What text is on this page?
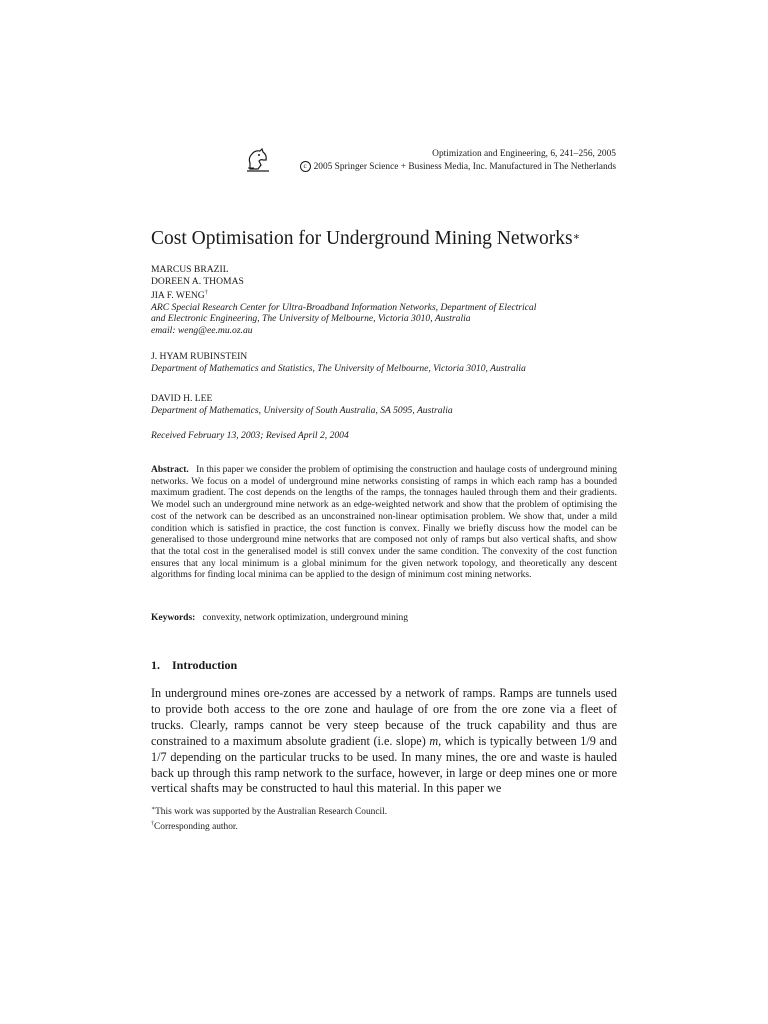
Optimization and Engineering, 6, 241–256, 2005
c 2005 Springer Science + Business Media, Inc. Manufactured in The Netherlands
Cost Optimisation for Underground Mining Networks∗
MARCUS BRAZIL
DOREEN A. THOMAS
JIA F. WENG†
ARC Special Research Center for Ultra-Broadband Information Networks, Department of Electrical
and Electronic Engineering, The University of Melbourne, Victoria 3010, Australia
email: weng@ee.mu.oz.au
J. HYAM RUBINSTEIN
Department of Mathematics and Statistics, The University of Melbourne, Victoria 3010, Australia
DAVID H. LEE
Department of Mathematics, University of South Australia, SA 5095, Australia
Received February 13, 2003; Revised April 2, 2004
Abstract. In this paper we consider the problem of optimising the construction and haulage costs of underground mining networks. We focus on a model of underground mine networks consisting of ramps in which each ramp has a bounded maximum gradient. The cost depends on the lengths of the ramps, the tonnages hauled through them and their gradients. We model such an underground mine network as an edge-weighted network and show that the problem of optimising the cost of the network can be described as an unconstrained non-linear optimisation problem. We show that, under a mild condition which is satisfied in practice, the cost function is convex. Finally we briefly discuss how the model can be generalised to those underground mine networks that are composed not only of ramps but also vertical shafts, and show that the total cost in the generalised model is still convex under the same condition. The convexity of the cost function ensures that any local minimum is a global minimum for the given network topology, and theoretically any descent algorithms for finding local minima can be applied to the design of minimum cost mining networks.
Keywords: convexity, network optimization, underground mining
1. Introduction
In underground mines ore-zones are accessed by a network of ramps. Ramps are tunnels used to provide both access to the ore zone and haulage of ore from the ore zone via a fleet of trucks. Clearly, ramps cannot be very steep because of the truck capability and thus are constrained to a maximum absolute gradient (i.e. slope) m, which is typically between 1/9 and 1/7 depending on the particular trucks to be used. In many mines, the ore and waste is hauled back up through this ramp network to the surface, however, in large or deep mines one or more vertical shafts may be constructed to haul this material. In this paper we
∗This work was supported by the Australian Research Council.
†Corresponding author.
